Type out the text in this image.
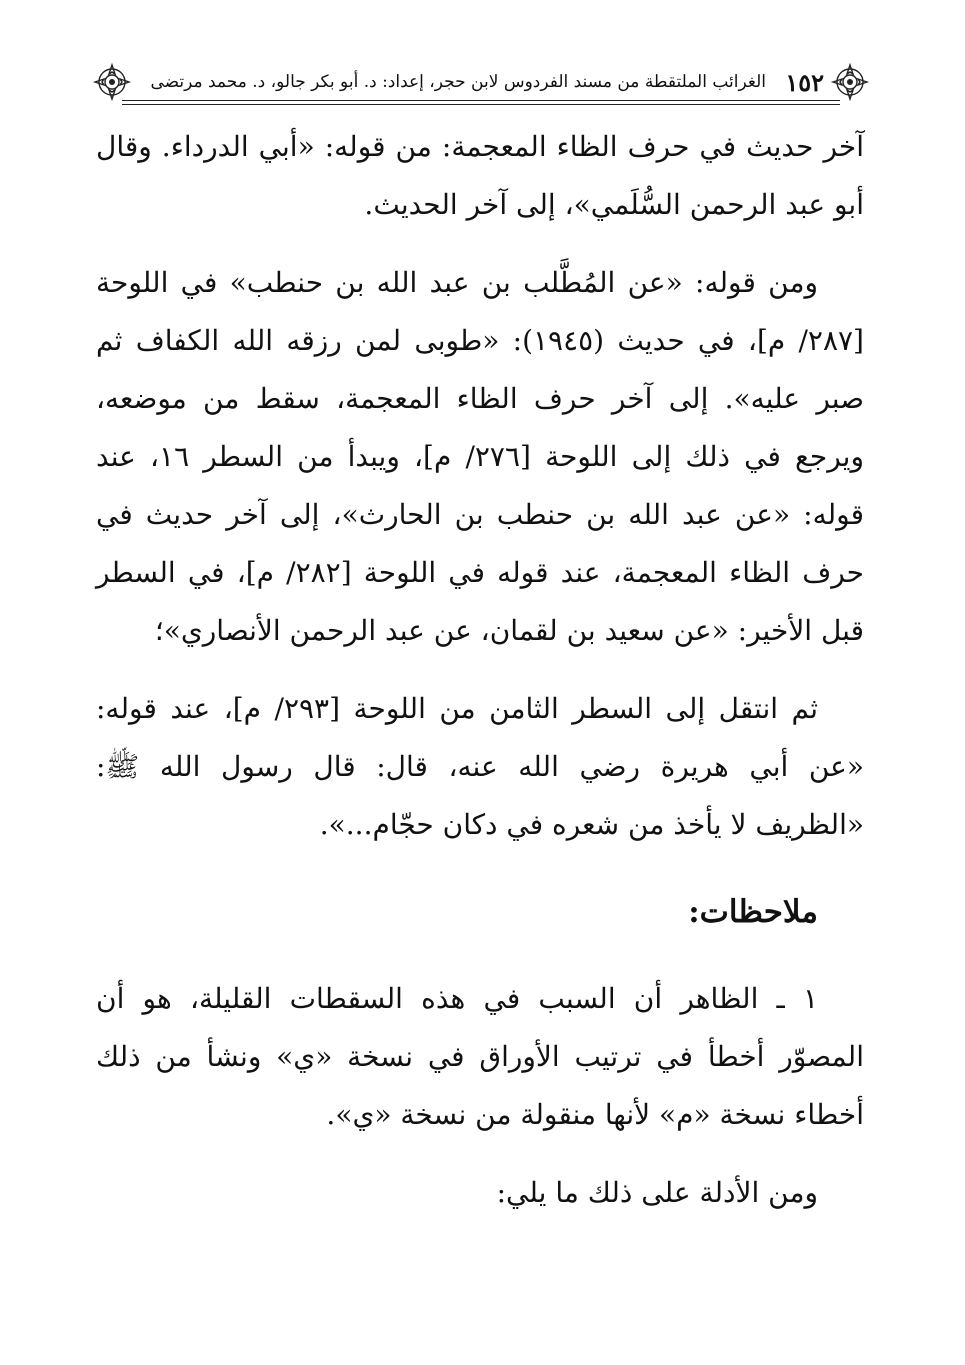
١٥٢
الغرائب الملتقطة من مسند الفردوس لابن حجر، إعداد: د. أبو بكر جالو، د. محمد مرتضى

آخر حديث في حرف الظاء المعجمة: من قوله: «أبي الدرداء. وقال أبو عبد الرحمن السُّلَمي»، إلى آخر الحديث.

ومن قوله: «عن المُطَّلب بن عبد الله بن حنطب» في اللوحة [٢٨٧/ م]، في حديث (١٩٤٥): «طوبى لمن رزقه الله الكفاف ثم صبر عليه». إلى آخر حرف الظاء المعجمة، سقط من موضعه، ويرجع في ذلك إلى اللوحة [٢٧٦/ م]، ويبدأ من السطر ١٦، عند قوله: «عن عبد الله بن حنطب بن الحارث»، إلى آخر حديث في حرف الظاء المعجمة، عند قوله في اللوحة [٢٨٢/ م]، في السطر قبل الأخير: «عن سعيد بن لقمان، عن عبد الرحمن الأنصاري»؛

ثم انتقل إلى السطر الثامن من اللوحة [٢٩٣/ م]، عند قوله: «عن أبي هريرة رضي الله عنه، قال: قال رسول الله ﷺ: «الظريف لا يأخذ من شعره في دكان حجّام...».

ملاحظات:

١ ـ الظاهر أن السبب في هذه السقطات القليلة، هو أن المصوّر أخطأ في ترتيب الأوراق في نسخة «ي» ونشأ من ذلك أخطاء نسخة «م» لأنها منقولة من نسخة «ي».

ومن الأدلة على ذلك ما يلي:
